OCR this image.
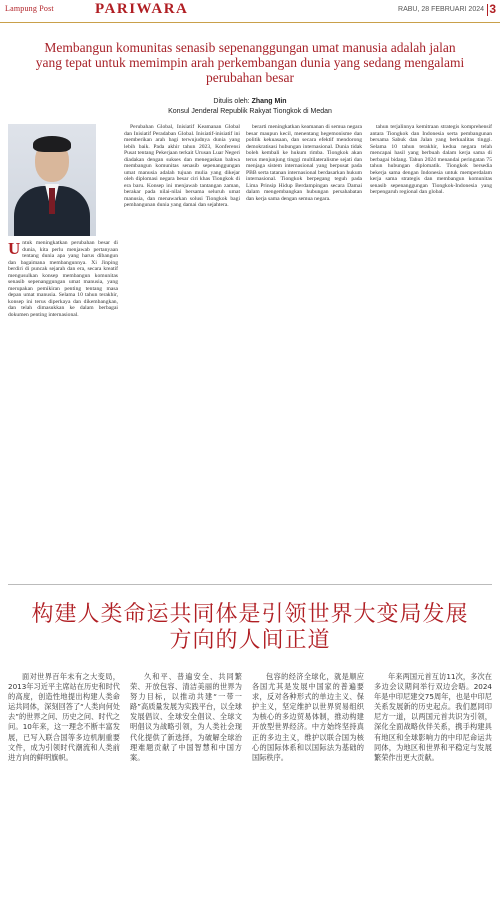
Lampung Post	PARIWARA	RABU, 28 FEBRUARI 2024 3
Membangun komunitas senasib sepenanggungan umat manusia adalah jalan yang tepat untuk memimpin arah perkembangan dunia yang sedang mengalami perubahan besar
Ditulis oleh: Zhang Min
Konsul Jenderal Republik Rakyat Tiongkok di Medan

Untuk meningkatkan perubahan besar di dunia, kita perlu menjawab pertanyaan tentang dunia apa yang harus dibangun dan bagaimana membangunnya. Xi Jinping berdiri di puncak sejarah dan era, secara kreatif mengusulkan konsep membangun komunitas senasib sepenanggungan umat manusia, yang merupakan pemikiran penting tentang masa depan umat manusia. Selama 10 tahun terakhir, konsep ini terus diperkaya dan dikembangkan, dan telah dimasukkan ke dalam berbagai dokumen penting internasional.

Perubahan Global, Inisiatif Keamanan Global dan Inisiatif Peradaban Global. Inisiatif-inisiatif ini memberikan arah bagi terwujudnya dunia yang lebih baik. Pada akhir tahun 2023, Konferensi Pusat tentang Pekerjaan terkait Urusan Luar Negeri diadakan dengan sukses dan menegaskan bahwa membangun komunitas senasib sepenanggungan umat manusia adalah tujuan mulia yang dikejar oleh diplomasi negara besar ciri khas Tiongkok di era baru. Konsep ini menjawab tantangan zaman, berakar pada nilai-nilai bersama seluruh umat manusia, dan menawarkan solusi Tiongkok bagi pembangunan dunia yang damai dan sejahtera.

berarti meningkatkan keamanan di semua negara besar maupun kecil, menentang hegemonisme dan politik kekuasaan, dan secara efektif mendorong demokratisasi hubungan internasional. Dunia tidak boleh kembali ke hukum rimba. Tiongkok akan terus menjunjung tinggi multilateralisme sejati dan menjaga sistem internasional yang berpusat pada PBB serta tatanan internasional berdasarkan hukum internasional. Tiongkok berpegang teguh pada Lima Prinsip Hidup Berdampingan secara Damai dalam mengembangkan hubungan persahabatan dan kerja sama dengan semua negara.

tahun terjalinnya kemitraan strategis komprehensif antara Tiongkok dan Indonesia serta pembangunan bersama Sabuk dan Jalan yang berkualitas tinggi. Selama 10 tahun terakhir, kedua negara telah mencapai hasil yang berbuah dalam kerja sama di berbagai bidang. Tahun 2024 menandai peringatan 75 tahun hubungan diplomatik. Tiongkok bersedia bekerja sama dengan Indonesia untuk memperdalam kerja sama strategis dan membangun komunitas senasib sepenanggungan Tiongkok-Indonesia yang berpengaruh regional dan global.

构建人类命运共同体是引领世界大变局发展方向的人间正道

面对世界百年未有之大变局，2013年习近平主席站在历史和时代的高度，创造性地提出构建人类命运共同体，深刻回答了“人类向何处去”的世界之问、历史之问、时代之问。10年来，这一理念不断丰富发展，已写入联合国等多边机制重要文件，成为引领时代潮流和人类前进方向的鲜明旗帜。

久和平、普遍安全、共同繁荣、开放包容、清洁美丽的世界为努力目标，以推动共建“一带一路”高质量发展为实践平台，以全球发展倡议、全球安全倡议、全球文明倡议为战略引领，为人类社会现代化提供了新选择，为破解全球治理难题贡献了中国智慧和中国方案。

包容的经济全球化，就是顺应各国尤其是发展中国家的普遍要求，反对各种形式的单边主义、保护主义，坚定维护以世界贸易组织为核心的多边贸易体制，推动构建开放型世界经济。中方始终坚持真正的多边主义，维护以联合国为核心的国际体系和以国际法为基础的国际秩序。

年来两国元首互访11次，多次在多边会议期间举行双边会晤。2024年是中印尼建交75周年，也是中印尼关系发展新的历史起点。我们愿同印尼方一道，以两国元首共识为引领，深化全面战略伙伴关系，携手构建具有地区和全球影响力的中印尼命运共同体，为地区和世界和平稳定与发展繁荣作出更大贡献。
